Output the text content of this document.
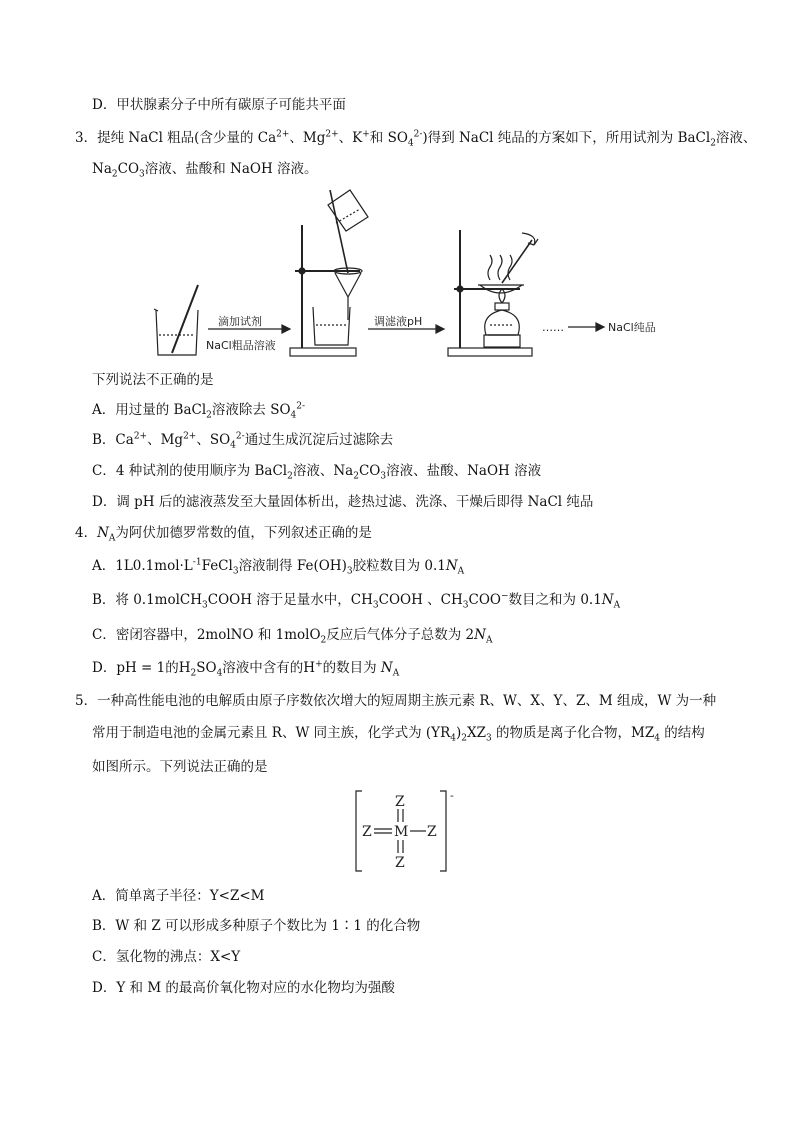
D．甲状腺素分子中所有碳原子可能共平面
3．提纯 NaCl 粗品(含少量的 $Ca^{2+}$、$Mg^{2+}$、K+和 $SO_4^{2-}$)得到 NaCl 纯品的方案如下，所用试剂为 BaCl$_2$溶液、
$Na_2CO_3$溶液、盐酸和 NaOH 溶液。
滴加试剂
NaCl粗品溶液
调滤液pH	……	NaCl纯品
下列说法不正确的是
A．用过量的 BaCl$_2$溶液除去 $SO_4^{2-}$
B．$Ca^{2+}$、$Mg^{2+}$、$SO_4^{2-}$通过生成沉淀后过滤除去
C．4 种试剂的使用顺序为 BaCl$_2$溶液、$Na_2CO_3$溶液、盐酸、NaOH 溶液
D．调 pH 后的滤液蒸发至大量固体析出，趁热过滤、洗涤、干燥后即得 NaCl 纯品
4．$N_A$为阿伏加德罗常数的值，下列叙述正确的是
A．$1L0.1mol\cdot L^{-1}FeCl_3$溶液制得 $Fe(OH)_3$胶粒数目为 $0.1N_A$
B．将 0.1molCH$_3$COOH 溶于足量水中，$CH_3COOH$ 、$CH_3COO^-$数目之和为 $0.1N_A$
C．密闭容器中，2molNO 和 1molO$_2$反应后气体分子总数为 $2N_A$
D．pH = 1的$H_2SO_4$溶液中含有的H+的数目为 $N_A$
5．一种高性能电池的电解质由原子序数依次增大的短周期主族元素 R、W、X、Y、Z、M 组成，W 为一种
常用于制造电池的金属元素且 R、W 同主族，化学式为 $(YR_4)_2XZ_3$ 的物质是离子化合物，$MZ_4$ 的结构
如图所示。下列说法正确的是
-
Z
Z M Z
Z
A．简单离子半径：Y<Z<M
B．W 和 Z 可以形成多种原子个数比为 1∶1 的化合物
C．氢化物的沸点：X<Y
D．Y 和 M 的最高价氧化物对应的水化物均为强酸
